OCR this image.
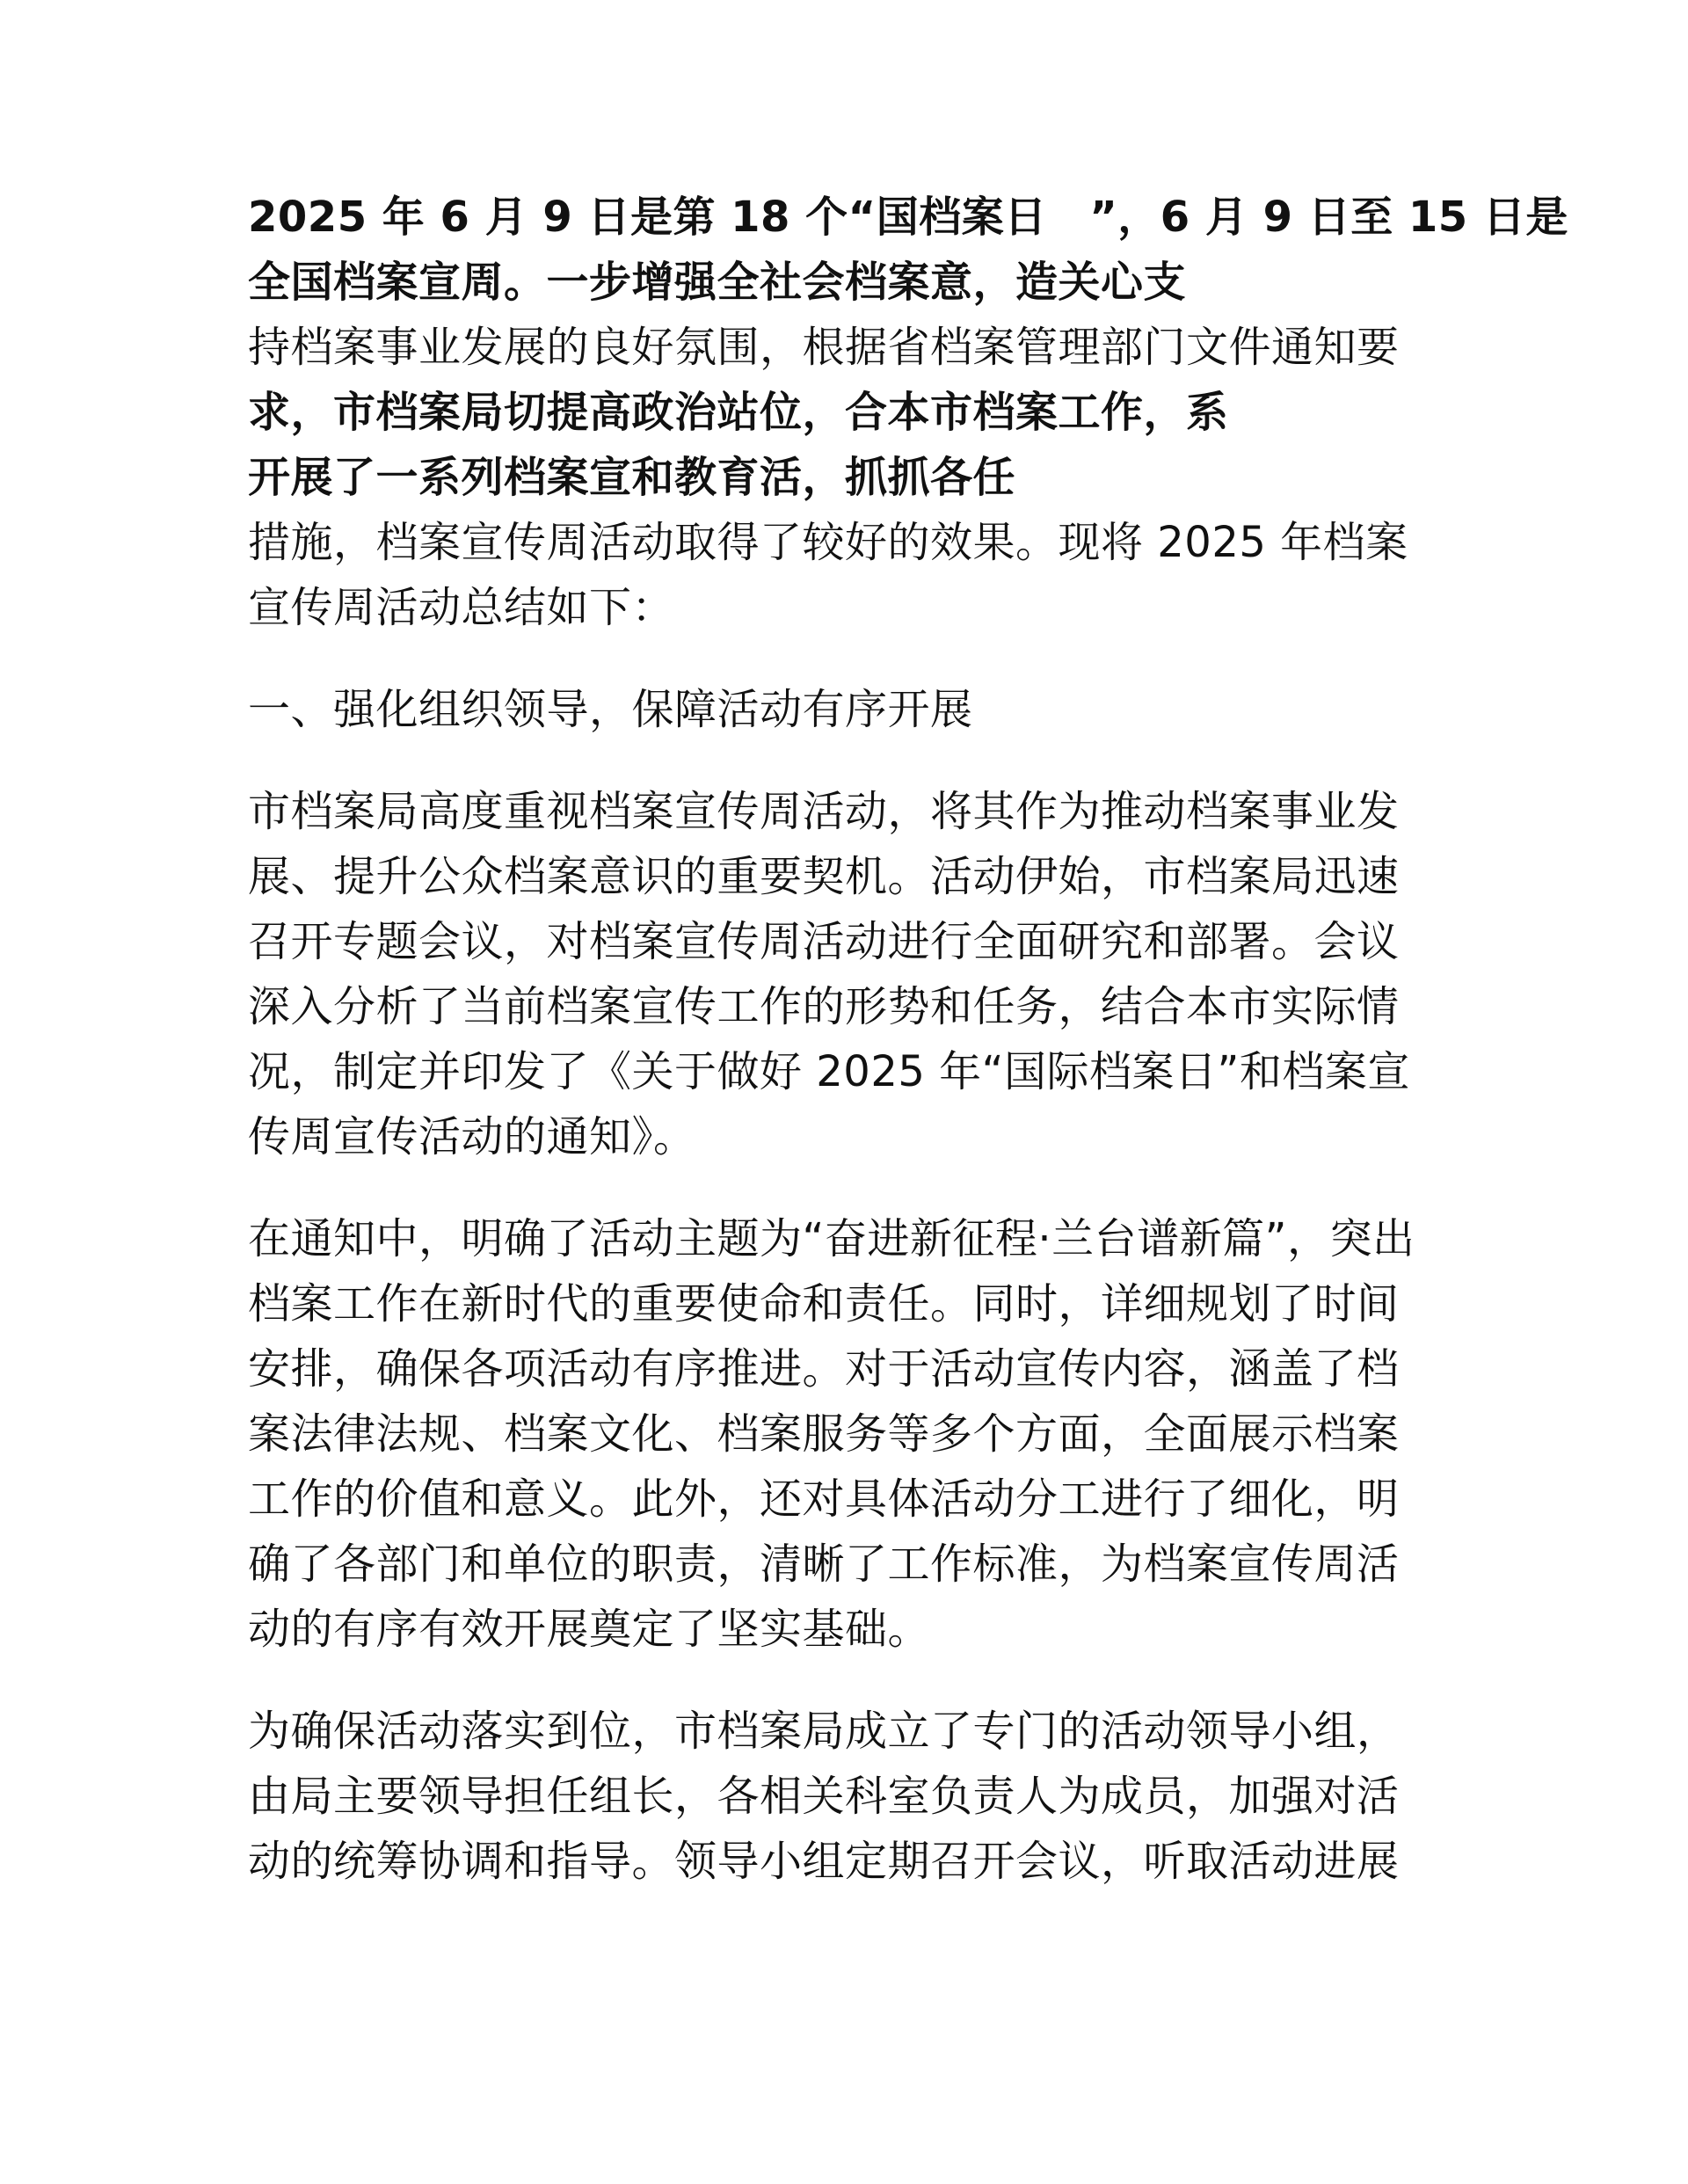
2025 年 6 月 9 日是第 18 个“国档案日　”，6 月 9 日至 15 日是
全国档案宣周。一步增强全社会档案意，造关心支
持档案事业发展的良好氛围，根据省档案管理部门文件通知要
求，市档案局切提高政治站位，合本市档案工作，系
开展了一系列档案宣和教育活，抓抓各任
措施，档案宣传周活动取得了较好的效果。现将 2025 年档案
宣传周活动总结如下：
一、强化组织领导，保障活动有序开展
市档案局高度重视档案宣传周活动，将其作为推动档案事业发
展、提升公众档案意识的重要契机。活动伊始，市档案局迅速
召开专题会议，对档案宣传周活动进行全面研究和部署。会议
深入分析了当前档案宣传工作的形势和任务，结合本市实际情
况，制定并印发了《关于做好 2025 年“国际档案日”和档案宣
传周宣传活动的通知》。
在通知中，明确了活动主题为“奋进新征程·兰台谱新篇”，突出
档案工作在新时代的重要使命和责任。同时，详细规划了时间
安排，确保各项活动有序推进。对于活动宣传内容，涵盖了档
案法律法规、档案文化、档案服务等多个方面，全面展示档案
工作的价值和意义。此外，还对具体活动分工进行了细化，明
确了各部门和单位的职责，清晰了工作标准，为档案宣传周活
动的有序有效开展奠定了坚实基础。
为确保活动落实到位，市档案局成立了专门的活动领导小组，
由局主要领导担任组长，各相关科室负责人为成员，加强对活
动的统筹协调和指导。领导小组定期召开会议，听取活动进展
